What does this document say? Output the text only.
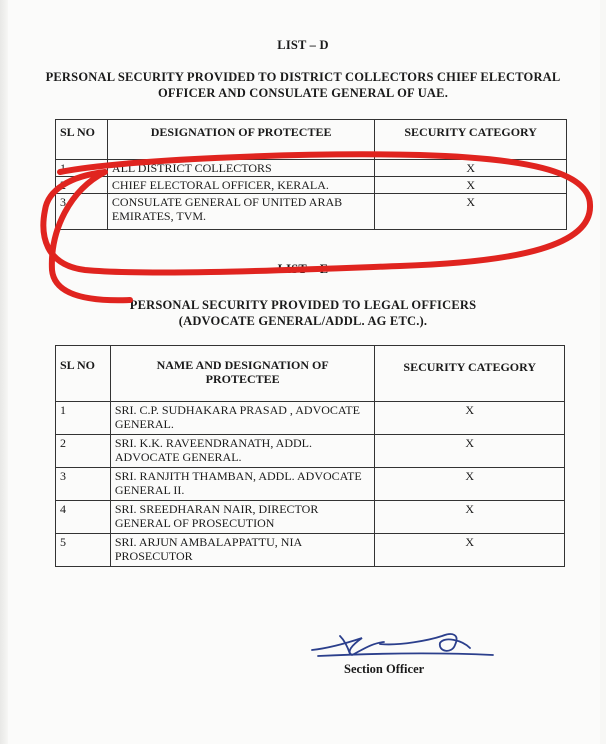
LIST – D
PERSONAL SECURITY PROVIDED TO DISTRICT COLLECTORS CHIEF ELECTORAL
OFFICER AND CONSULATE GENERAL OF UAE.
SL NO	DESIGNATION OF PROTECTEE	SECURITY CATEGORY
1	ALL DISTRICT COLLECTORS	X
2	CHIEF ELECTORAL OFFICER, KERALA.	X
3	CONSULATE GENERAL OF UNITED ARAB EMIRATES, TVM.	X
LIST – E
PERSONAL SECURITY PROVIDED TO LEGAL OFFICERS
(ADVOCATE GENERAL/ADDL. AG ETC.).
SL NO	NAME AND DESIGNATION OF PROTECTEE	SECURITY CATEGORY
1	SRI. C.P. SUDHAKARA PRASAD , ADVOCATE GENERAL.	X
2	SRI. K.K. RAVEENDRANATH, ADDL. ADVOCATE GENERAL.	X
3	SRI. RANJITH THAMBAN, ADDL. ADVOCATE GENERAL II.	X
4	SRI. SREEDHARAN NAIR, DIRECTOR GENERAL OF PROSECUTION	X
5	SRI. ARJUN AMBALAPPATTU, NIA PROSECUTOR	X
Section Officer
